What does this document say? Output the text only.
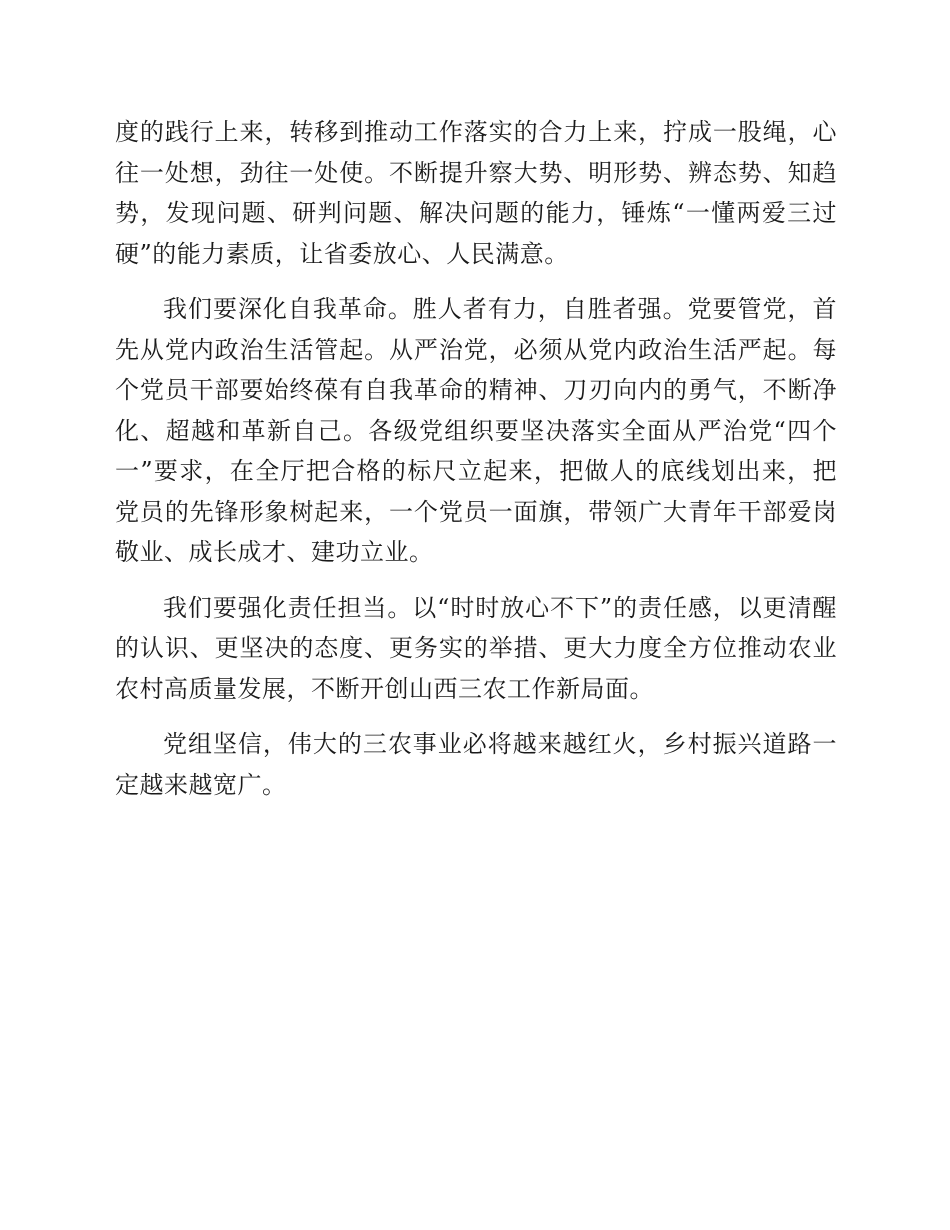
度的践行上来，转移到推动工作落实的合力上来，拧成一股绳，心往一处想，劲往一处使。不断提升察大势、明形势、辨态势、知趋势，发现问题、研判问题、解决问题的能力，锤炼“一懂两爱三过硬”的能力素质，让省委放心、人民满意。

我们要深化自我革命。胜人者有力，自胜者强。党要管党，首先从党内政治生活管起。从严治党，必须从党内政治生活严起。每个党员干部要始终葆有自我革命的精神、刀刃向内的勇气，不断净化、超越和革新自己。各级党组织要坚决落实全面从严治党“四个一”要求，在全厅把合格的标尺立起来，把做人的底线划出来，把党员的先锋形象树起来，一个党员一面旗，带领广大青年干部爱岗敬业、成长成才、建功立业。

我们要强化责任担当。以“时时放心不下”的责任感，以更清醒的认识、更坚决的态度、更务实的举措、更大力度全方位推动农业农村高质量发展，不断开创山西三农工作新局面。

党组坚信，伟大的三农事业必将越来越红火，乡村振兴道路一定越来越宽广。
